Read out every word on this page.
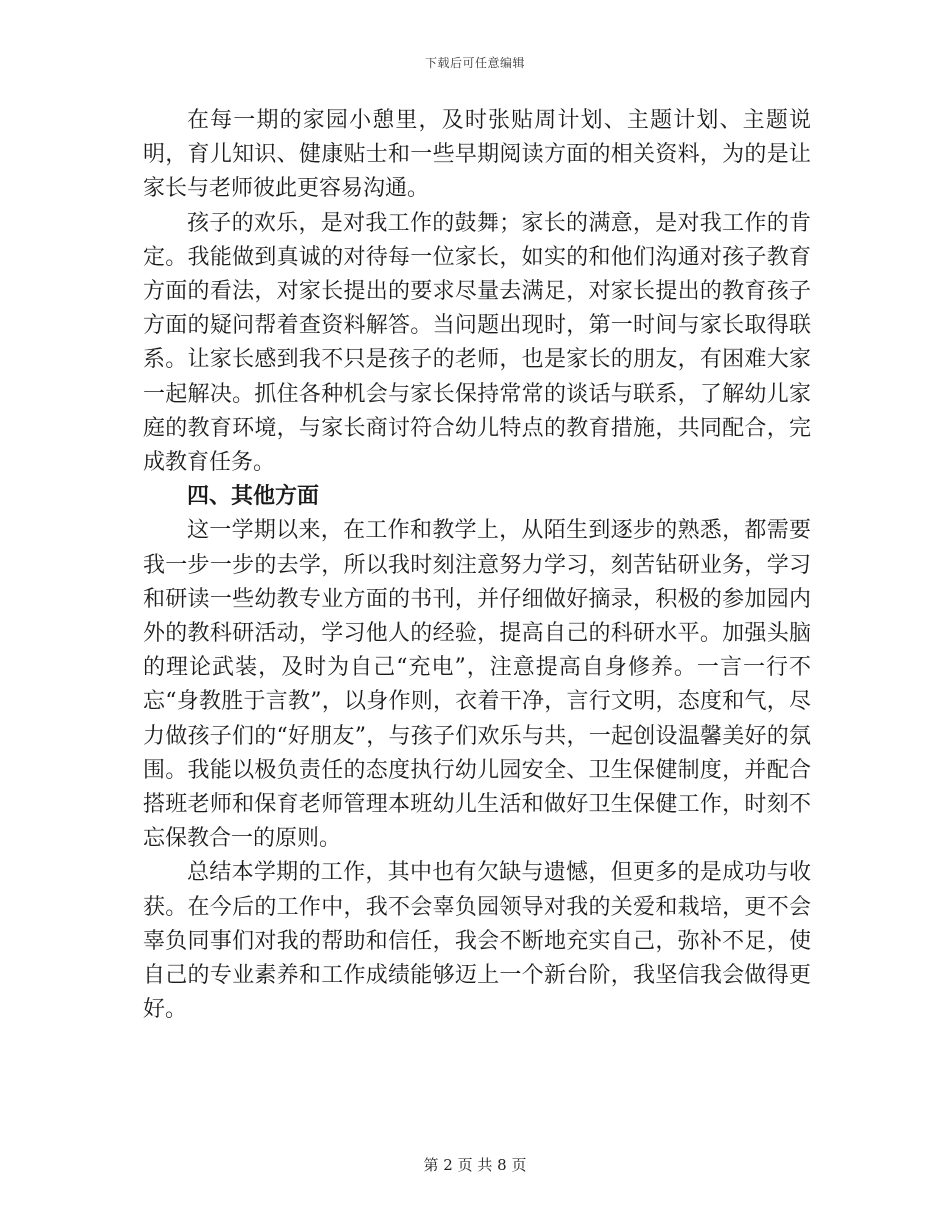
下载后可任意编辑

在每一期的家园小憩里，及时张贴周计划、主题计划、主题说明，育儿知识、健康贴士和一些早期阅读方面的相关资料，为的是让家长与老师彼此更容易沟通。

孩子的欢乐，是对我工作的鼓舞；家长的满意，是对我工作的肯定。我能做到真诚的对待每一位家长，如实的和他们沟通对孩子教育方面的看法，对家长提出的要求尽量去满足，对家长提出的教育孩子方面的疑问帮着查资料解答。当问题出现时，第一时间与家长取得联系。让家长感到我不只是孩子的老师，也是家长的朋友，有困难大家一起解决。抓住各种机会与家长保持常常的谈话与联系，了解幼儿家庭的教育环境，与家长商讨符合幼儿特点的教育措施，共同配合，完成教育任务。

四、其他方面

这一学期以来，在工作和教学上，从陌生到逐步的熟悉，都需要我一步一步的去学，所以我时刻注意努力学习，刻苦钻研业务，学习和研读一些幼教专业方面的书刊，并仔细做好摘录，积极的参加园内外的教科研活动，学习他人的经验，提高自己的科研水平。加强头脑的理论武装，及时为自己“充电”，注意提高自身修养。一言一行不忘“身教胜于言教”，以身作则，衣着干净，言行文明，态度和气，尽力做孩子们的“好朋友”，与孩子们欢乐与共，一起创设温馨美好的氛围。我能以极负责任的态度执行幼儿园安全、卫生保健制度，并配合搭班老师和保育老师管理本班幼儿生活和做好卫生保健工作，时刻不忘保教合一的原则。

总结本学期的工作，其中也有欠缺与遗憾，但更多的是成功与收获。在今后的工作中，我不会辜负园领导对我的关爱和栽培，更不会辜负同事们对我的帮助和信任，我会不断地充实自己，弥补不足，使自己的专业素养和工作成绩能够迈上一个新台阶，我坚信我会做得更好。

第 2 页 共 8 页
